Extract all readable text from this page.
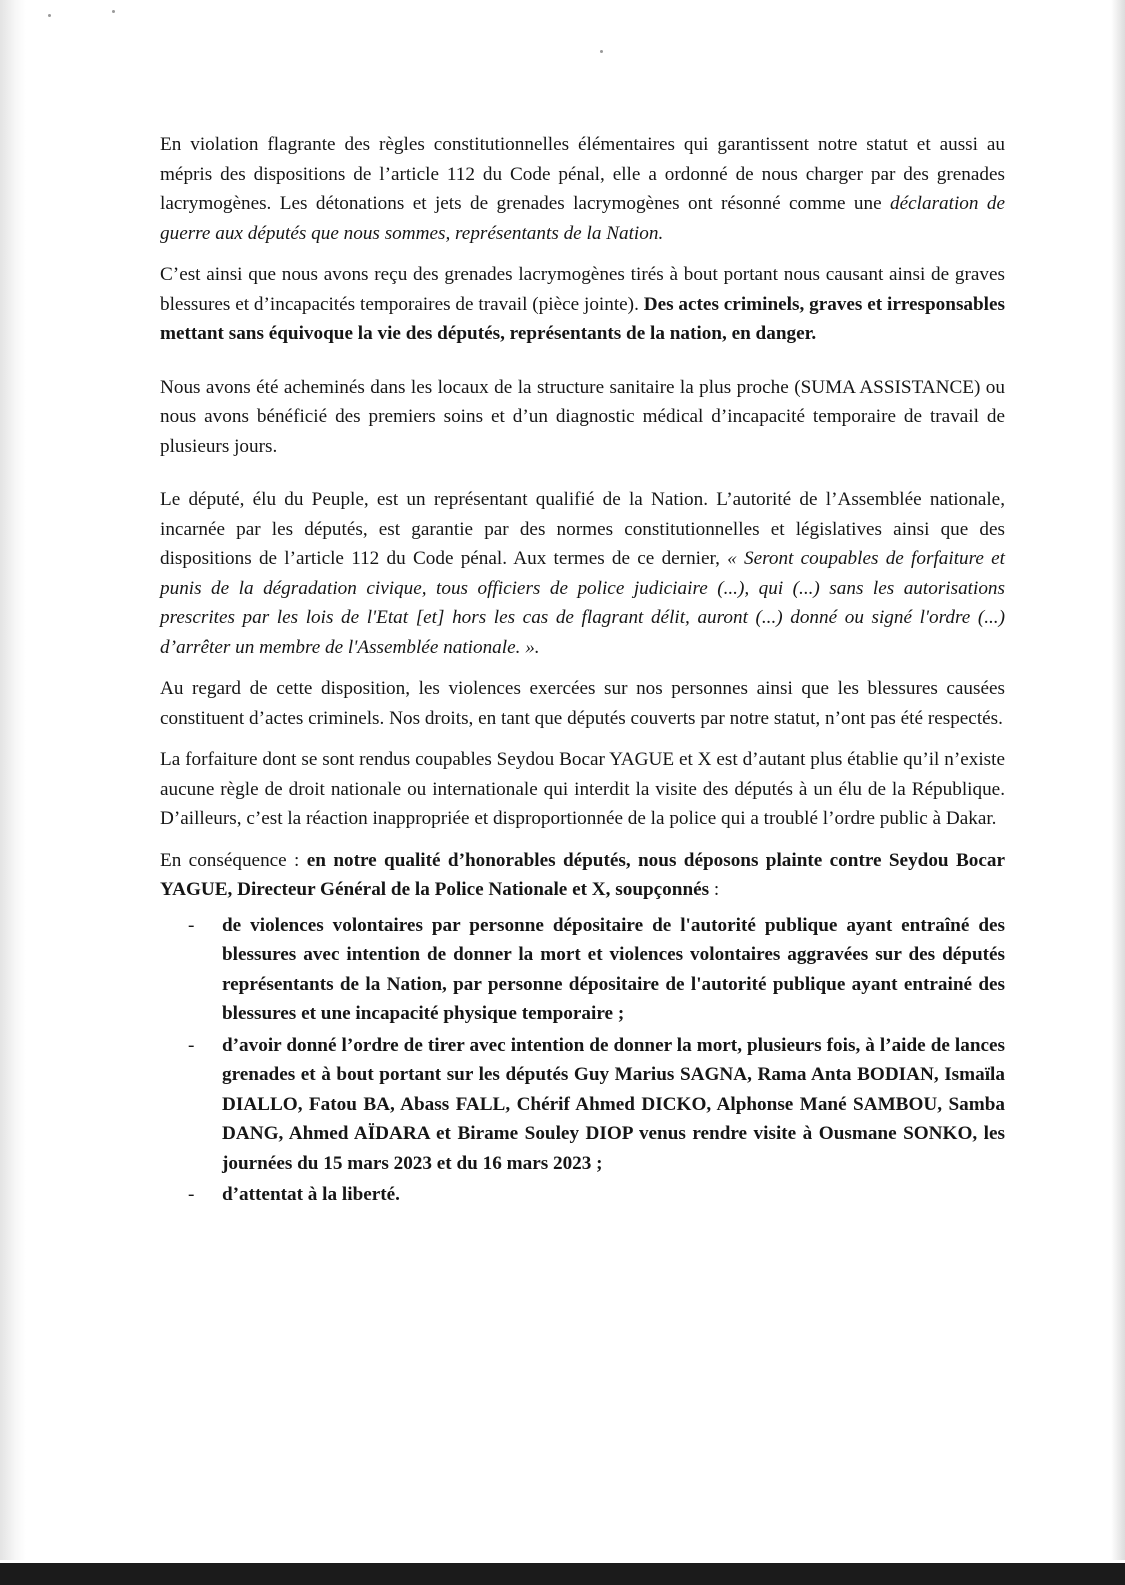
En violation flagrante des règles constitutionnelles élémentaires qui garantissent notre statut et aussi au mépris des dispositions de l’article 112 du Code pénal, elle a ordonné de nous charger par des grenades lacrymogènes. Les détonations et jets de grenades lacrymogènes ont résonné comme une déclaration de guerre aux députés que nous sommes, représentants de la Nation.

C’est ainsi que nous avons reçu des grenades lacrymogènes tirés à bout portant nous causant ainsi de graves blessures et d’incapacités temporaires de travail (pièce jointe). Des actes criminels, graves et irresponsables mettant sans équivoque la vie des députés, représentants de la nation, en danger.

Nous avons été acheminés dans les locaux de la structure sanitaire la plus proche (SUMA ASSISTANCE) ou nous avons bénéficié des premiers soins et d’un diagnostic médical d’incapacité temporaire de travail de plusieurs jours.

Le député, élu du Peuple, est un représentant qualifié de la Nation. L’autorité de l’Assemblée nationale, incarnée par les députés, est garantie par des normes constitutionnelles et législatives ainsi que des dispositions de l’article 112 du Code pénal. Aux termes de ce dernier, « Seront coupables de forfaiture et punis de la dégradation civique, tous officiers de police judiciaire (...), qui (...) sans les autorisations prescrites par les lois de l'Etat [et] hors les cas de flagrant délit, auront (...) donné ou signé l'ordre (...) d’arrêter un membre de l'Assemblée nationale. ».

Au regard de cette disposition, les violences exercées sur nos personnes ainsi que les blessures causées constituent d’actes criminels. Nos droits, en tant que députés couverts par notre statut, n’ont pas été respectés.

La forfaiture dont se sont rendus coupables Seydou Bocar YAGUE et X est d’autant plus établie qu’il n’existe aucune règle de droit nationale ou internationale qui interdit la visite des députés à un élu de la République. D’ailleurs, c’est la réaction inappropriée et disproportionnée de la police qui a troublé l’ordre public à Dakar.

En conséquence : en notre qualité d’honorables députés, nous déposons plainte contre Seydou Bocar YAGUE, Directeur Général de la Police Nationale et X, soupçonnés :

- de violences volontaires par personne dépositaire de l'autorité publique ayant entraîné des blessures avec intention de donner la mort et violences volontaires aggravées sur des députés représentants de la Nation, par personne dépositaire de l'autorité publique ayant entrainé des blessures et une incapacité physique temporaire ;
- d’avoir donné l’ordre de tirer avec intention de donner la mort, plusieurs fois, à l’aide de lances grenades et à bout portant sur les députés Guy Marius SAGNA, Rama Anta BODIAN, Ismaïla DIALLO, Fatou BA, Abass FALL, Chérif Ahmed DICKO, Alphonse Mané SAMBOU, Samba DANG, Ahmed AÏDARA et Birame Souley DIOP venus rendre visite à Ousmane SONKO, les journées du 15 mars 2023 et du 16 mars 2023 ;
- d’attentat à la liberté.
